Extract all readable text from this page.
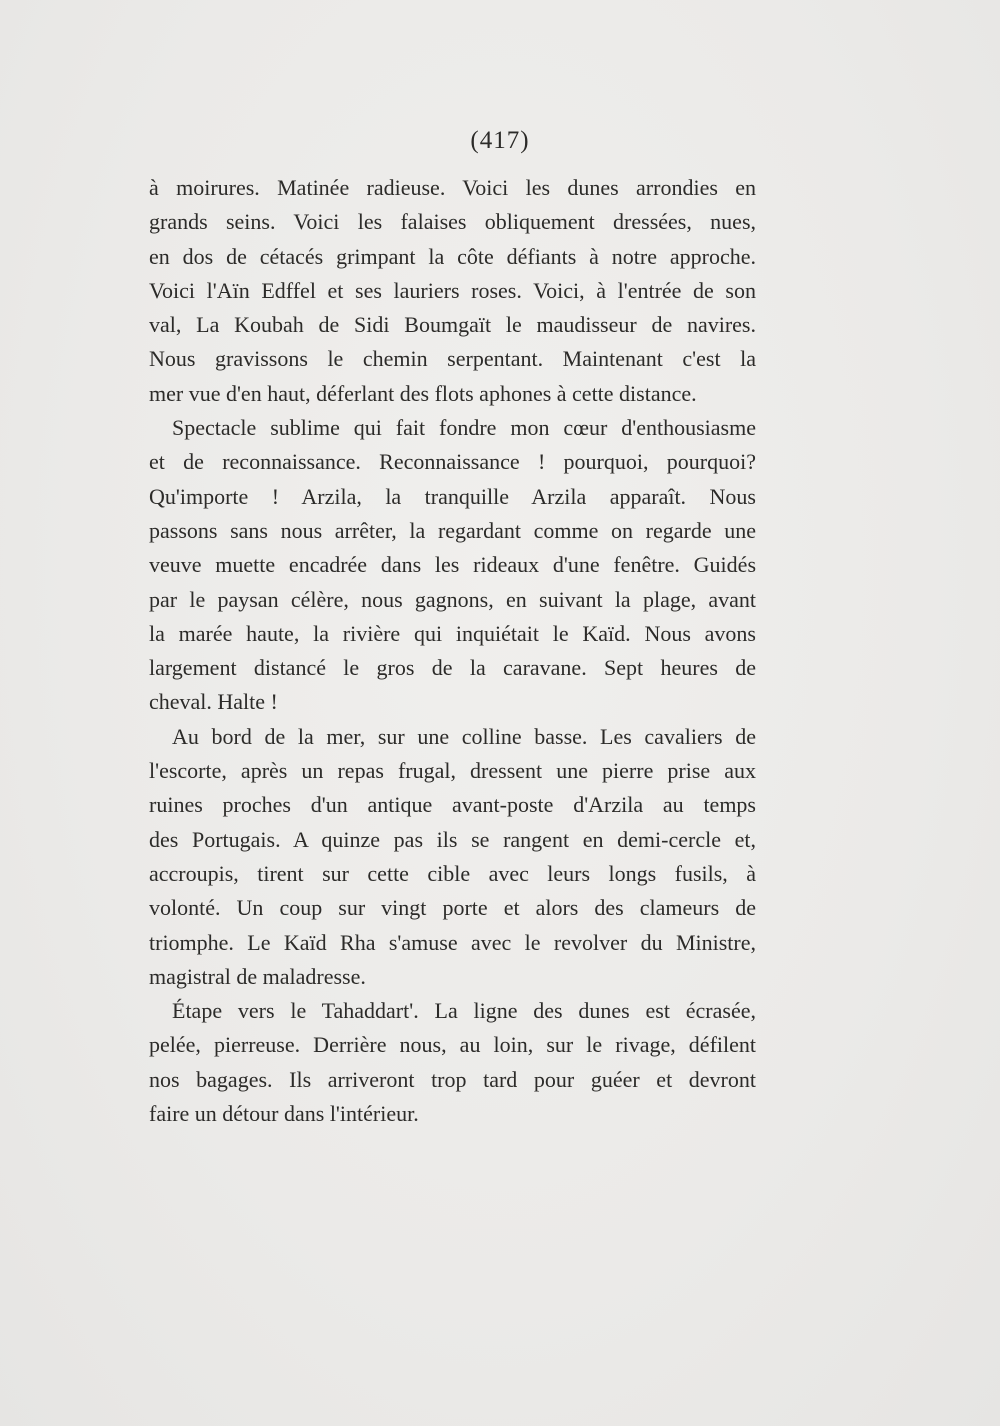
(417)
à moirures. Matinée radieuse. Voici les dunes arrondies en
grands seins. Voici les falaises obliquement dressées, nues,
en dos de cétacés grimpant la côte défiants à notre approche.
Voici l'Aïn Edffel et ses lauriers roses. Voici, à l'entrée de son
val, La Koubah de Sidi Boumgaït le maudisseur de navires.
Nous gravissons le chemin serpentant. Maintenant c'est la
mer vue d'en haut, déferlant des flots aphones à cette distance.
Spectacle sublime qui fait fondre mon cœur d'enthousiasme
et de reconnaissance. Reconnaissance ! pourquoi, pourquoi?
Qu'importe ! Arzila, la tranquille Arzila apparaît. Nous
passons sans nous arrêter, la regardant comme on regarde une
veuve muette encadrée dans les rideaux d'une fenêtre. Guidés
par le paysan célère, nous gagnons, en suivant la plage, avant
la marée haute, la rivière qui inquiétait le Kaïd. Nous avons
largement distancé le gros de la caravane. Sept heures de
cheval. Halte !
Au bord de la mer, sur une colline basse. Les cavaliers de
l'escorte, après un repas frugal, dressent une pierre prise aux
ruines proches d'un antique avant-poste d'Arzila au temps
des Portugais. A quinze pas ils se rangent en demi-cercle et,
accroupis, tirent sur cette cible avec leurs longs fusils, à
volonté. Un coup sur vingt porte et alors des clameurs de
triomphe. Le Kaïd Rha s'amuse avec le revolver du Ministre,
magistral de maladresse.
Étape vers le Tahaddart'. La ligne des dunes est écrasée,
pelée, pierreuse. Derrière nous, au loin, sur le rivage, défilent
nos bagages. Ils arriveront trop tard pour guéer et devront
faire un détour dans l'intérieur.
